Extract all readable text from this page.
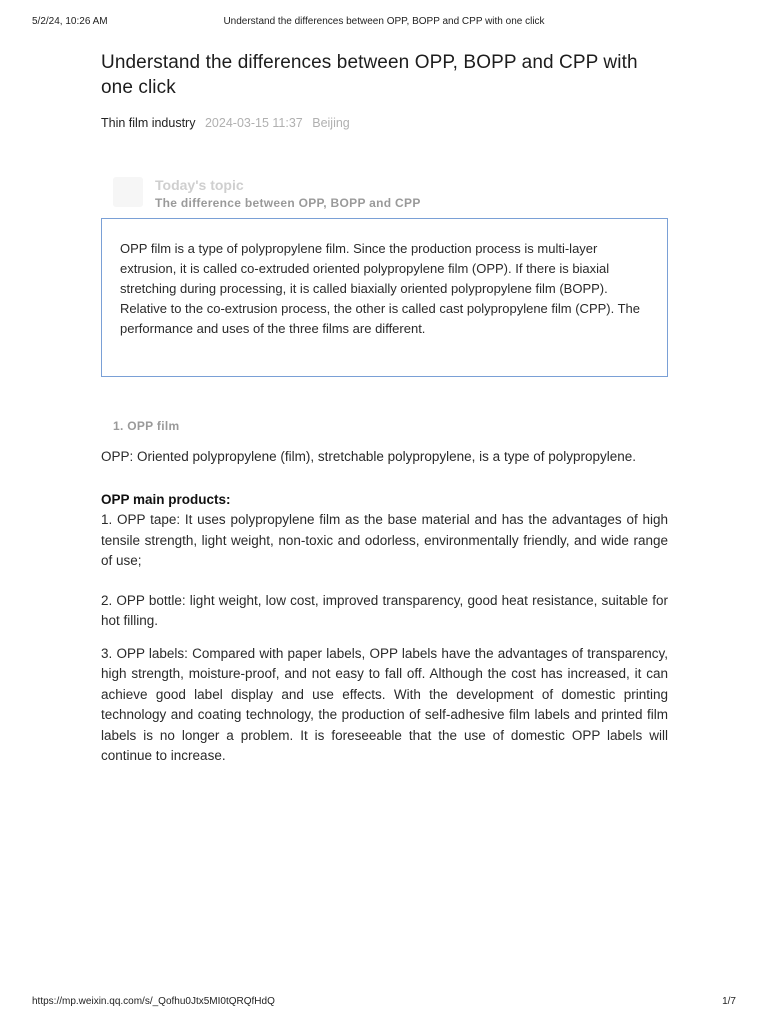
Understand the differences between OPP, BOPP and CPP with one click
5/2/24, 10:26 AM
Understand the differences between OPP, BOPP and CPP with one click
Thin film industry 2024-03-15 11:37 Beijing
Today's topic
The difference between OPP, BOPP and CPP
OPP film is a type of polypropylene film. Since the production process is multi-layer extrusion, it is called co-extruded oriented polypropylene film (OPP). If there is biaxial stretching during processing, it is called biaxially oriented polypropylene film (BOPP). Relative to the co-extrusion process, the other is called cast polypropylene film (CPP). The performance and uses of the three films are different.
1. OPP film

OPP: Oriented polypropylene (film), stretchable polypropylene, is a type of polypropylene.

OPP main products:

1. OPP tape: It uses polypropylene film as the base material and has the advantages of high tensile strength, light weight, non-toxic and odorless, environmentally friendly, and wide range of use;

2. OPP bottle: light weight, low cost, improved transparency, good heat resistance, suitable for hot filling.

3. OPP labels: Compared with paper labels, OPP labels have the advantages of transparency, high strength, moisture-proof, and not easy to fall off. Although the cost has increased, it can achieve good label display and use effects. With the development of domestic printing technology and coating technology, the production of self-adhesive film labels and printed film labels is no longer a problem. It is foreseeable that the use of domestic OPP labels will continue to increase.

https://mp.weixin.qq.com/s/_Qofhu0Jtx5MI0tQRQfHdQ	1/7
